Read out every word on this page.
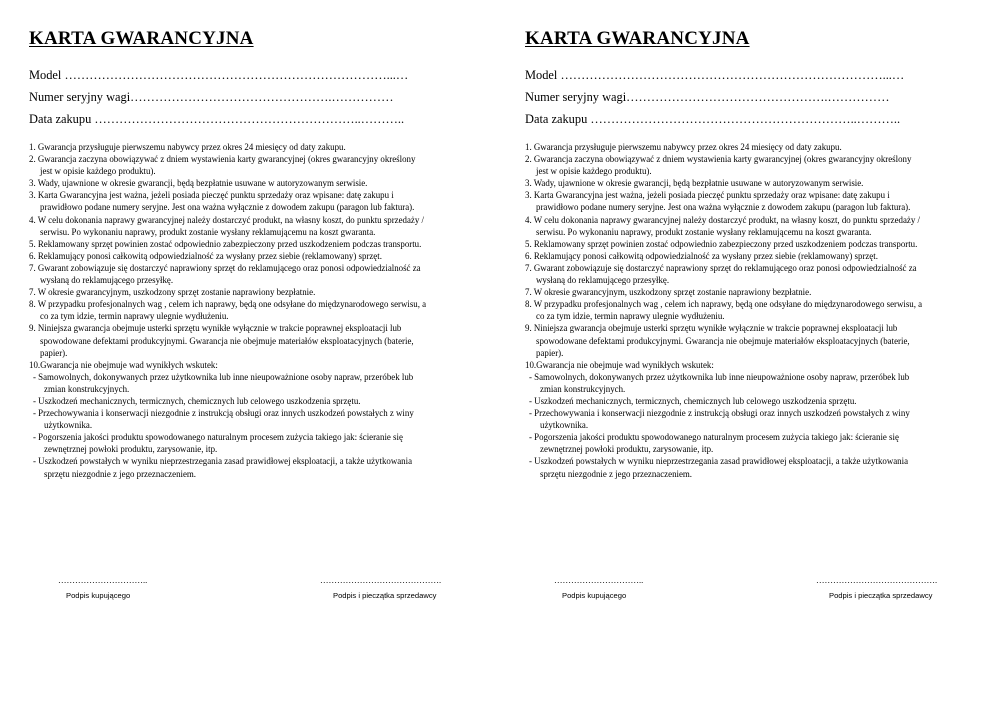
KARTA GWARANCYJNA
Model ……………………………………………………………………...…
Numer seryjny wagi………………………………………….……………
Data zakupu ………………………………………………………..………..
1. Gwarancja przysługuje pierwszemu nabywcy przez okres 24 miesięcy od daty zakupu.
2. Gwarancja zaczyna obowiązywać z dniem wystawienia karty gwarancyjnej (okres gwarancyjny określony
jest w opisie każdego produktu).
3. Wady, ujawnione w okresie gwarancji, będą bezpłatnie usuwane w autoryzowanym serwisie.
3. Karta Gwarancyjna jest ważna, jeżeli posiada pieczęć punktu sprzedaży oraz wpisane: datę zakupu i
prawidłowo podane numery seryjne. Jest ona ważna wyłącznie z dowodem zakupu (paragon lub faktura).
4. W celu dokonania naprawy gwarancyjnej należy dostarczyć produkt, na własny koszt, do punktu sprzedaży /
serwisu. Po wykonaniu naprawy, produkt zostanie wysłany reklamującemu na koszt gwaranta.
5. Reklamowany sprzęt powinien zostać odpowiednio zabezpieczony przed uszkodzeniem podczas transportu.
6. Reklamujący ponosi całkowitą odpowiedzialność za wysłany przez siebie (reklamowany) sprzęt.
7. Gwarant zobowiązuje się dostarczyć naprawiony sprzęt do reklamującego oraz ponosi odpowiedzialność za
wysłaną do reklamującego przesyłkę.
7. W okresie gwarancyjnym, uszkodzony sprzęt zostanie naprawiony bezpłatnie.
8. W przypadku profesjonalnych wag , celem ich naprawy, będą one odsyłane do międzynarodowego serwisu, a
co za tym idzie, termin naprawy ulegnie wydłużeniu.
9. Niniejsza gwarancja obejmuje usterki sprzętu wynikłe wyłącznie w trakcie poprawnej eksploatacji lub
spowodowane defektami produkcyjnymi. Gwarancja nie obejmuje materiałów eksploatacyjnych (baterie,
papier).
10.Gwarancja nie obejmuje wad wynikłych wskutek:
- Samowolnych, dokonywanych przez użytkownika lub inne nieupoważnione osoby napraw, przeróbek lub
zmian konstrukcyjnych.
- Uszkodzeń mechanicznych, termicznych, chemicznych lub celowego uszkodzenia sprzętu.
- Przechowywania i konserwacji niezgodnie z instrukcją obsługi oraz innych uszkodzeń powstałych z winy
użytkownika.
- Pogorszenia jakości produktu spowodowanego naturalnym procesem zużycia takiego jak: ścieranie się
zewnętrznej powłoki produktu, zarysowanie, itp.
- Uszkodzeń powstałych w wyniku nieprzestrzegania zasad prawidłowej eksploatacji, a także użytkowania
sprzętu niezgodnie z jego przeznaczeniem.
…………………………..
Podpis kupującego
…………………………………….
Podpis i pieczątka sprzedawcy
KARTA GWARANCYJNA
Model ……………………………………………………………………...…
Numer seryjny wagi………………………………………….……………
Data zakupu ………………………………………………………..………..
1. Gwarancja przysługuje pierwszemu nabywcy przez okres 24 miesięcy od daty zakupu.
2. Gwarancja zaczyna obowiązywać z dniem wystawienia karty gwarancyjnej (okres gwarancyjny określony
jest w opisie każdego produktu).
3. Wady, ujawnione w okresie gwarancji, będą bezpłatnie usuwane w autoryzowanym serwisie.
3. Karta Gwarancyjna jest ważna, jeżeli posiada pieczęć punktu sprzedaży oraz wpisane: datę zakupu i
prawidłowo podane numery seryjne. Jest ona ważna wyłącznie z dowodem zakupu (paragon lub faktura).
4. W celu dokonania naprawy gwarancyjnej należy dostarczyć produkt, na własny koszt, do punktu sprzedaży /
serwisu. Po wykonaniu naprawy, produkt zostanie wysłany reklamującemu na koszt gwaranta.
5. Reklamowany sprzęt powinien zostać odpowiednio zabezpieczony przed uszkodzeniem podczas transportu.
6. Reklamujący ponosi całkowitą odpowiedzialność za wysłany przez siebie (reklamowany) sprzęt.
7. Gwarant zobowiązuje się dostarczyć naprawiony sprzęt do reklamującego oraz ponosi odpowiedzialność za
wysłaną do reklamującego przesyłkę.
7. W okresie gwarancyjnym, uszkodzony sprzęt zostanie naprawiony bezpłatnie.
8. W przypadku profesjonalnych wag , celem ich naprawy, będą one odsyłane do międzynarodowego serwisu, a
co za tym idzie, termin naprawy ulegnie wydłużeniu.
9. Niniejsza gwarancja obejmuje usterki sprzętu wynikłe wyłącznie w trakcie poprawnej eksploatacji lub
spowodowane defektami produkcyjnymi. Gwarancja nie obejmuje materiałów eksploatacyjnych (baterie,
papier).
10.Gwarancja nie obejmuje wad wynikłych wskutek:
- Samowolnych, dokonywanych przez użytkownika lub inne nieupoważnione osoby napraw, przeróbek lub
zmian konstrukcyjnych.
- Uszkodzeń mechanicznych, termicznych, chemicznych lub celowego uszkodzenia sprzętu.
- Przechowywania i konserwacji niezgodnie z instrukcją obsługi oraz innych uszkodzeń powstałych z winy
użytkownika.
- Pogorszenia jakości produktu spowodowanego naturalnym procesem zużycia takiego jak: ścieranie się
zewnętrznej powłoki produktu, zarysowanie, itp.
- Uszkodzeń powstałych w wyniku nieprzestrzegania zasad prawidłowej eksploatacji, a także użytkowania
sprzętu niezgodnie z jego przeznaczeniem.
…………………………..
Podpis kupującego
…………………………………….
Podpis i pieczątka sprzedawcy
